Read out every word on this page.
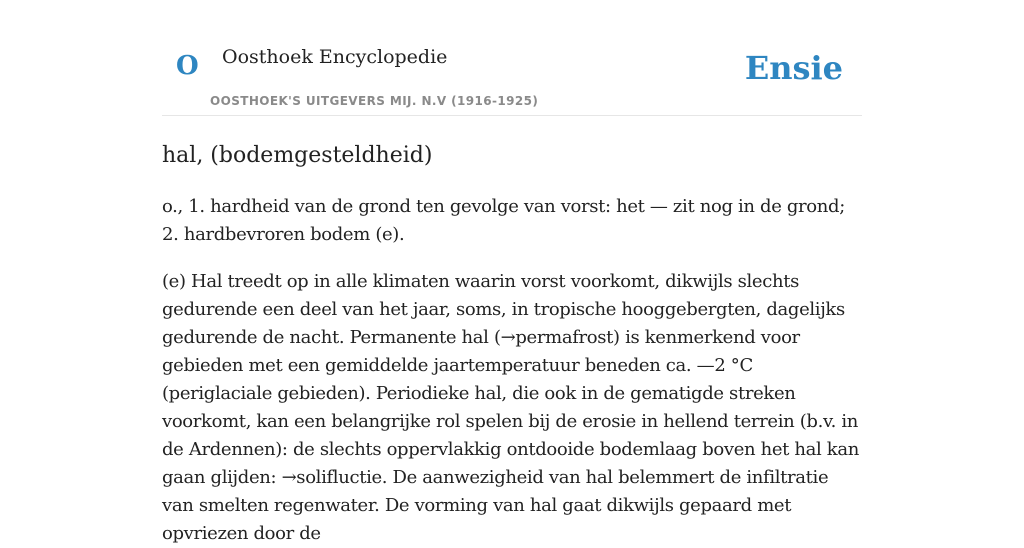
O Oosthoek Encyclopedie
OOSTHOEK'S UITGEVERS MIJ. N.V (1916-1925)
Ensie
hal, (bodemgesteldheid)

o., 1. hardheid van de grond ten gevolge van vorst: het — zit nog in de grond; 2. hardbevroren bodem (e).

(e) Hal treedt op in alle klimaten waarin vorst voorkomt, dikwijls slechts gedurende een deel van het jaar, soms, in tropische hooggebergten, dagelijks gedurende de nacht. Permanente hal (→permafrost) is kenmerkend voor gebieden met een gemiddelde jaartemperatuur beneden ca. —2 °C (periglaciale gebieden). Periodieke hal, die ook in de gematigde streken voorkomt, kan een belangrijke rol spelen bij de erosie in hellend terrein (b.v. in de Ardennen): de slechts oppervlakkig ontdooide bodemlaag boven het hal kan gaan glijden: →solifluctie. De aanwezigheid van hal belemmert de infiltratie van smelten regenwater. De vorming van hal gaat dikwijls gepaard met opvriezen door de
